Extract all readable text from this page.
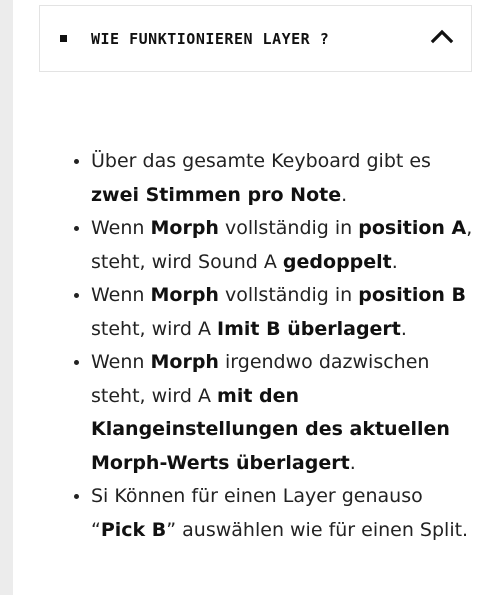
WIE FUNKTIONIEREN LAYER ?
• Über das gesamte Keyboard gibt es zwei Stimmen pro Note.
• Wenn Morph vollständig in position A, steht, wird Sound A gedoppelt.
• Wenn Morph vollständig in position B steht, wird A Imit B überlagert.
• Wenn Morph irgendwo dazwischen steht, wird A mit den Klangeinstellungen des aktuellen Morph-Werts überlagert.
• Si Können für einen Layer genauso “Pick B” auswählen wie für einen Split.
